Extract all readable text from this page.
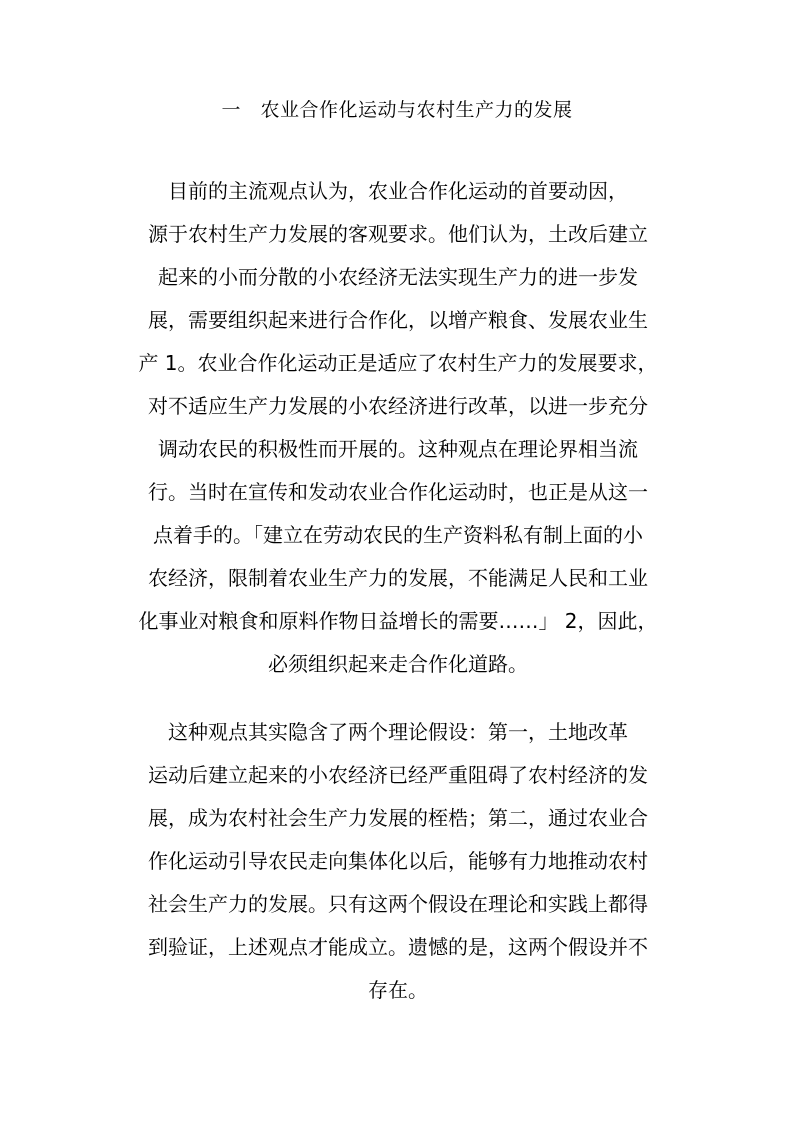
一　农业合作化运动与农村生产力的发展
目前的主流观点认为，农业合作化运动的首要动因，
源于农村生产力发展的客观要求。他们认为，土改后建立
起来的小而分散的小农经济无法实现生产力的进一步发
展，需要组织起来进行合作化，以增产粮食、发展农业生
产 1。农业合作化运动正是适应了农村生产力的发展要求，
对不适应生产力发展的小农经济进行改革，以进一步充分
调动农民的积极性而开展的。这种观点在理论界相当流
行。当时在宣传和发动农业合作化运动时，也正是从这一
点着手的。「建立在劳动农民的生产资料私有制上面的小
农经济，限制着农业生产力的发展，不能满足人民和工业
化事业对粮食和原料作物日益增长的需要……」 2，因此，
必须组织起来走合作化道路。
这种观点其实隐含了两个理论假设：第一，土地改革
运动后建立起来的小农经济已经严重阻碍了农村经济的发
展，成为农村社会生产力发展的桎梏；第二，通过农业合
作化运动引导农民走向集体化以后，能够有力地推动农村
社会生产力的发展。只有这两个假设在理论和实践上都得
到验证，上述观点才能成立。遗憾的是，这两个假设并不
存在。
